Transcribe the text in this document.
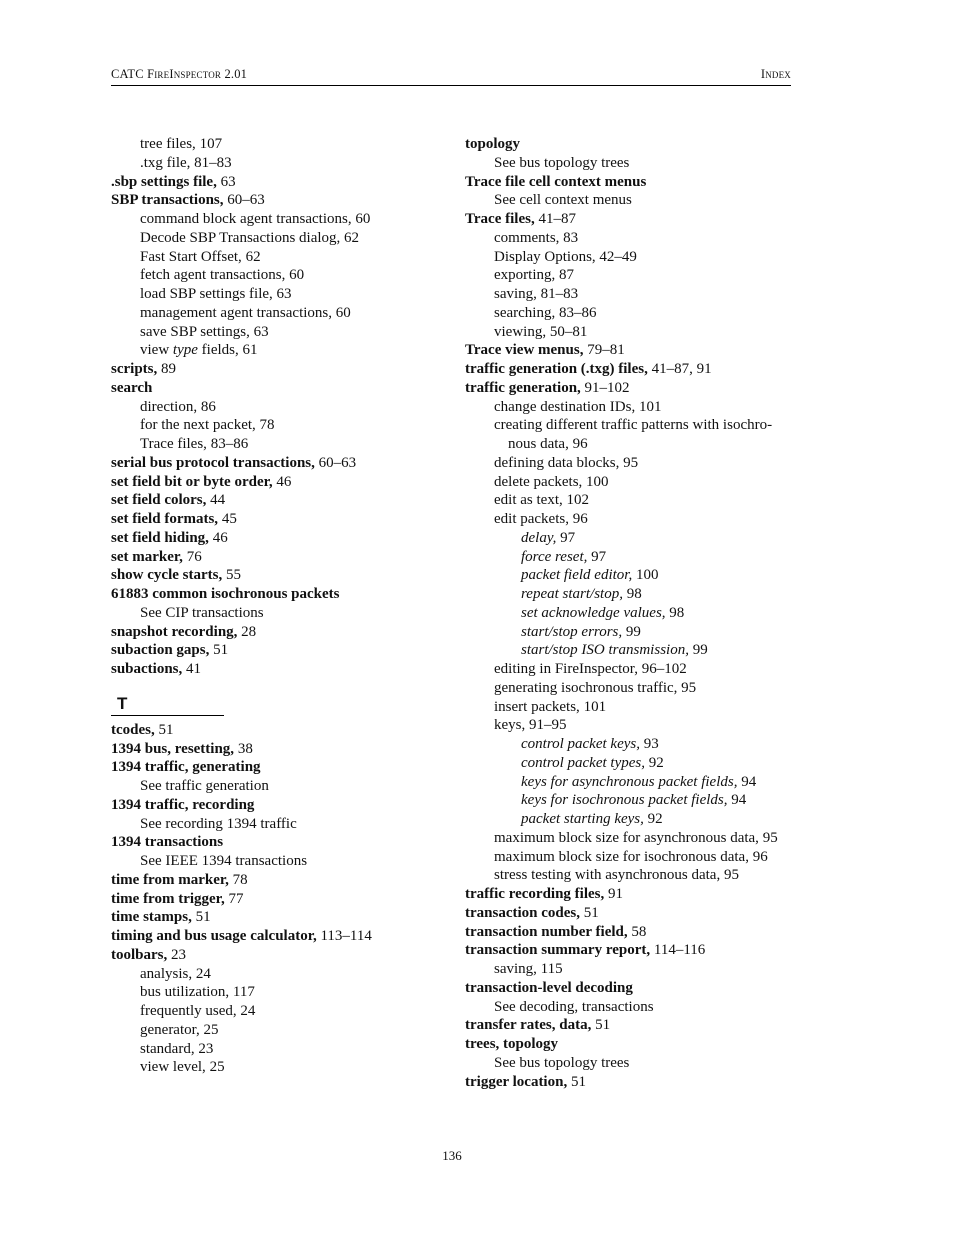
CATC FireInspector 2.01	Index
tree files, 107
.txg file, 81–83
.sbp settings file, 63
SBP transactions, 60–63
command block agent transactions, 60
Decode SBP Transactions dialog, 62
Fast Start Offset, 62
fetch agent transactions, 60
load SBP settings file, 63
management agent transactions, 60
save SBP settings, 63
view type fields, 61
scripts, 89
search
direction, 86
for the next packet, 78
Trace files, 83–86
serial bus protocol transactions, 60–63
set field bit or byte order, 46
set field colors, 44
set field formats, 45
set field hiding, 46
set marker, 76
show cycle starts, 55
61883 common isochronous packets
See CIP transactions
snapshot recording, 28
subaction gaps, 51
subactions, 41
T
tcodes, 51
1394 bus, resetting, 38
1394 traffic, generating
See traffic generation
1394 traffic, recording
See recording 1394 traffic
1394 transactions
See IEEE 1394 transactions
time from marker, 78
time from trigger, 77
time stamps, 51
timing and bus usage calculator, 113–114
toolbars, 23
analysis, 24
bus utilization, 117
frequently used, 24
generator, 25
standard, 23
view level, 25
topology
See bus topology trees
Trace file cell context menus
See cell context menus
Trace files, 41–87
comments, 83
Display Options, 42–49
exporting, 87
saving, 81–83
searching, 83–86
viewing, 50–81
Trace view menus, 79–81
traffic generation (.txg) files, 41–87, 91
traffic generation, 91–102
change destination IDs, 101
creating different traffic patterns with isochro-
nous data, 96
defining data blocks, 95
delete packets, 100
edit as text, 102
edit packets, 96
delay, 97
force reset, 97
packet field editor, 100
repeat start/stop, 98
set acknowledge values, 98
start/stop errors, 99
start/stop ISO transmission, 99
editing in FireInspector, 96–102
generating isochronous traffic, 95
insert packets, 101
keys, 91–95
control packet keys, 93
control packet types, 92
keys for asynchronous packet fields, 94
keys for isochronous packet fields, 94
packet starting keys, 92
maximum block size for asynchronous data, 95
maximum block size for isochronous data, 96
stress testing with asynchronous data, 95
traffic recording files, 91
transaction codes, 51
transaction number field, 58
transaction summary report, 114–116
saving, 115
transaction-level decoding
See decoding, transactions
transfer rates, data, 51
trees, topology
See bus topology trees
trigger location, 51
136
